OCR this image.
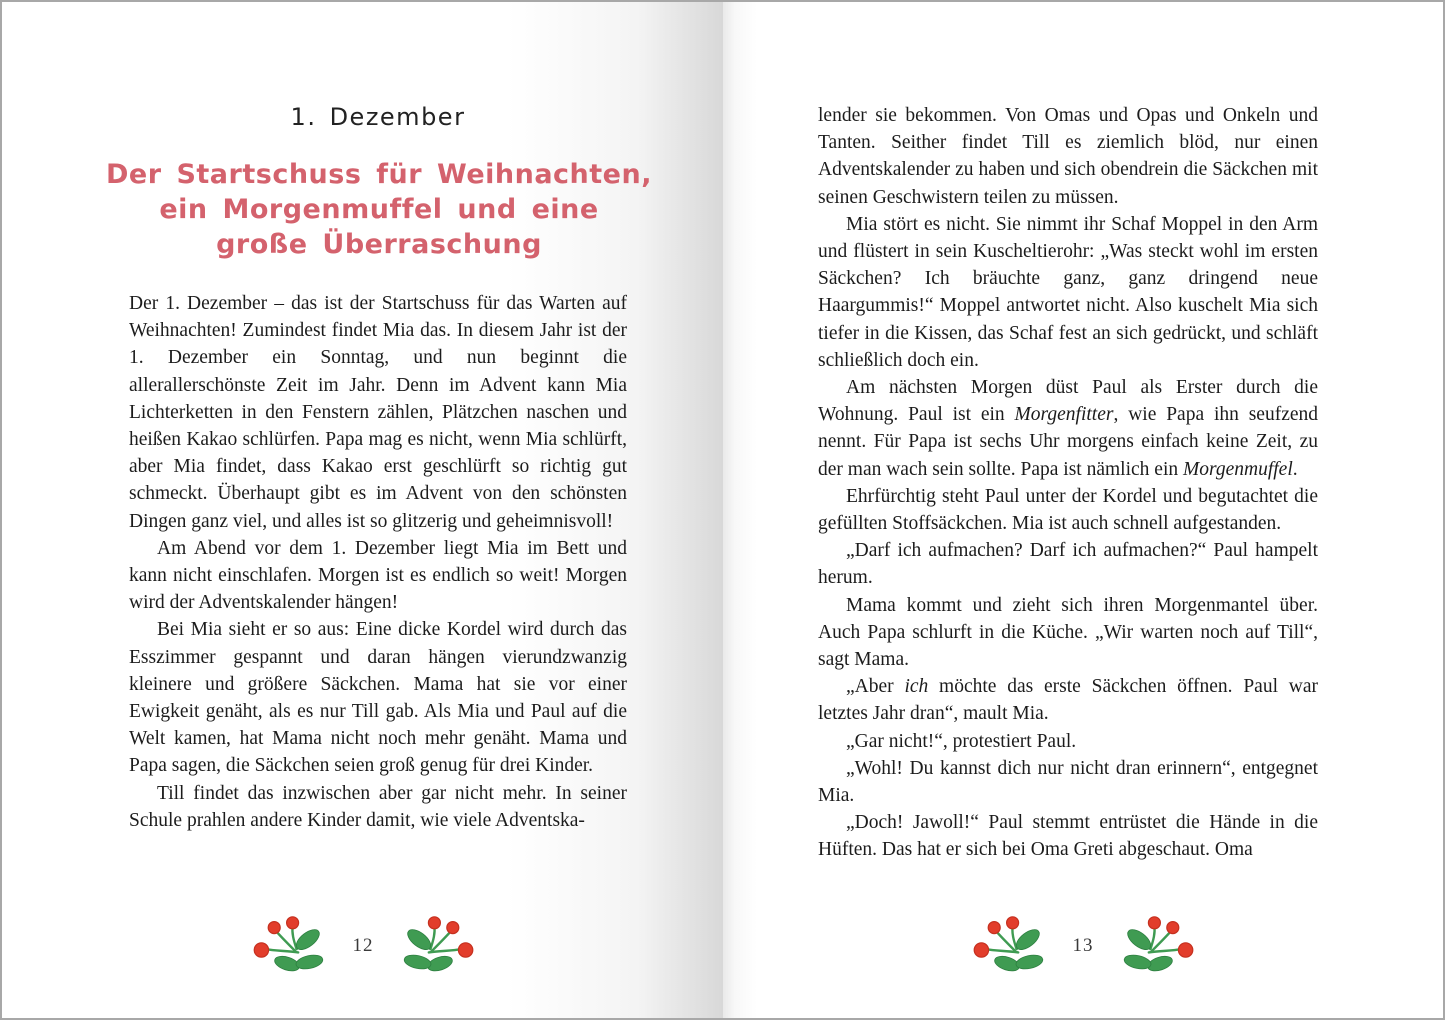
1. Dezember
Der Startschuss für Weihnachten,
ein Morgenmuffel und eine
große Überraschung

Der 1. Dezember – das ist der Startschuss für das Warten auf Weihnachten! Zumindest findet Mia das. In diesem Jahr ist der 1. Dezember ein Sonntag, und nun beginnt die allerallerschönste Zeit im Jahr. Denn im Advent kann Mia Lichterketten in den Fenstern zählen, Plätzchen naschen und heißen Kakao schlürfen. Papa mag es nicht, wenn Mia schlürft, aber Mia findet, dass Kakao erst geschlürft so richtig gut schmeckt. Überhaupt gibt es im Advent von den schönsten Dingen ganz viel, und alles ist so glitzerig und geheimnisvoll!

Am Abend vor dem 1. Dezember liegt Mia im Bett und kann nicht einschlafen. Morgen ist es endlich so weit! Morgen wird der Adventskalender hängen!

Bei Mia sieht er so aus: Eine dicke Kordel wird durch das Esszimmer gespannt und daran hängen vierundzwanzig kleinere und größere Säckchen. Mama hat sie vor einer Ewigkeit genäht, als es nur Till gab. Als Mia und Paul auf die Welt kamen, hat Mama nicht noch mehr genäht. Mama und Papa sagen, die Säckchen seien groß genug für drei Kinder.

Till findet das inzwischen aber gar nicht mehr. In seiner Schule prahlen andere Kinder damit, wie viele Adventska-

12

lender sie bekommen. Von Omas und Opas und Onkeln und Tanten. Seither findet Till es ziemlich blöd, nur einen Adventskalender zu haben und sich obendrein die Säckchen mit seinen Geschwistern teilen zu müssen.

Mia stört es nicht. Sie nimmt ihr Schaf Moppel in den Arm und flüstert in sein Kuscheltierohr: „Was steckt wohl im ersten Säckchen? Ich bräuchte ganz, ganz dringend neue Haargummis!“ Moppel antwortet nicht. Also kuschelt Mia sich tiefer in die Kissen, das Schaf fest an sich gedrückt, und schläft schließlich doch ein.

Am nächsten Morgen düst Paul als Erster durch die Wohnung. Paul ist ein Morgenfitter, wie Papa ihn seufzend nennt. Für Papa ist sechs Uhr morgens einfach keine Zeit, zu der man wach sein sollte. Papa ist nämlich ein Morgenmuffel.

Ehrfürchtig steht Paul unter der Kordel und begutachtet die gefüllten Stoffsäckchen. Mia ist auch schnell aufgestanden.

„Darf ich aufmachen? Darf ich aufmachen?“ Paul hampelt herum.

Mama kommt und zieht sich ihren Morgenmantel über. Auch Papa schlurft in die Küche. „Wir warten noch auf Till“, sagt Mama.

„Aber ich möchte das erste Säckchen öffnen. Paul war letztes Jahr dran“, mault Mia.

„Gar nicht!“, protestiert Paul.

„Wohl! Du kannst dich nur nicht dran erinnern“, entgegnet Mia.

„Doch! Jawoll!“ Paul stemmt entrüstet die Hände in die Hüften. Das hat er sich bei Oma Greti abgeschaut. Oma

13
